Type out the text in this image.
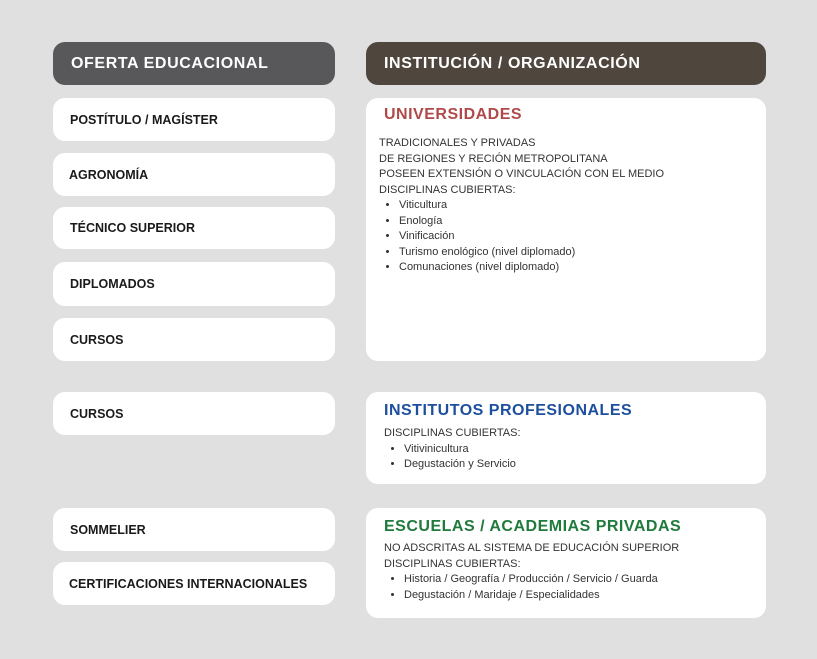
OFERTA EDUCACIONAL	INSTITUCIÓN / ORGANIZACIÓN
POSTÍTULO / MAGÍSTER
AGRONOMÍA
TÉCNICO SUPERIOR
DIPLOMADOS
CURSOS
CURSOS
SOMMELIER
CERTIFICACIONES INTERNACIONALES
UNIVERSIDADES
TRADICIONALES Y PRIVADAS
DE REGIONES Y RECIÓN METROPOLITANA
POSEEN EXTENSIÓN O VINCULACIÓN CON EL MEDIO
DISCIPLINAS CUBIERTAS:
• Viticultura
• Enología
• Vinificación
• Turismo enológico (nivel diplomado)
• Comunaciones (nivel diplomado)
INSTITUTOS PROFESIONALES
DISCIPLINAS CUBIERTAS:
• Vitivinicultura
• Degustación y Servicio
ESCUELAS / ACADEMIAS PRIVADAS
NO ADSCRITAS AL SISTEMA DE EDUCACIÓN SUPERIOR
DISCIPLINAS CUBIERTAS:
• Historia / Geografía / Producción / Servicio / Guarda
• Degustación / Maridaje / Especialidades
